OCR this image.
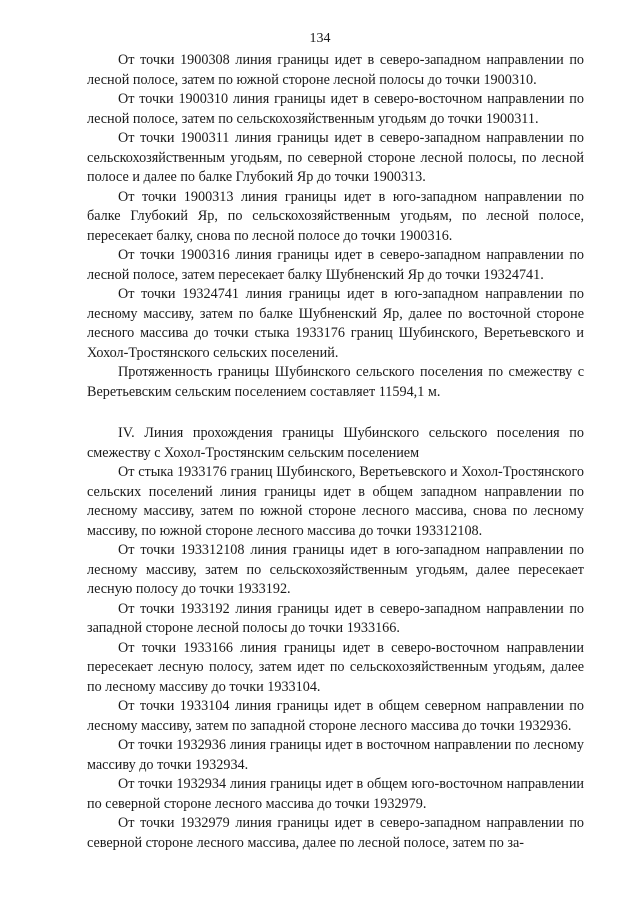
134

От точки 1900308 линия границы идет в северо-западном направлении по лесной полосе, затем по южной стороне лесной полосы до точки 1900310.

От точки 1900310 линия границы идет в северо-восточном направлении по лесной полосе, затем по сельскохозяйственным угодьям до точки 1900311.

От точки 1900311 линия границы идет в северо-западном направлении по сельскохозяйственным угодьям, по северной стороне лесной полосы, по лесной полосе и далее по балке Глубокий Яр до точки 1900313.

От точки 1900313 линия границы идет в юго-западном направлении по балке Глубокий Яр, по сельскохозяйственным угодьям, по лесной полосе, пересекает балку, снова по лесной полосе до точки 1900316.

От точки 1900316 линия границы идет в северо-западном направлении по лесной полосе, затем пересекает балку Шубненский Яр до точки 19324741.

От точки 19324741 линия границы идет в юго-западном направлении по лесному массиву, затем по балке Шубненский Яр, далее по восточной стороне лесного массива до точки стыка 1933176 границ Шубинского, Веретьевского и Хохол-Тростянского сельских поселений.

Протяженность границы Шубинского сельского поселения по смежеству с Веретьевским сельским поселением составляет 11594,1 м.

IV. Линия прохождения границы Шубинского сельского поселения по смежеству с Хохол-Тростянским сельским поселением

От стыка 1933176 границ Шубинского, Веретьевского и Хохол-Тростянского сельских поселений линия границы идет в общем западном направлении по лесному массиву, затем по южной стороне лесного массива, снова по лесному массиву, по южной стороне лесного массива до точки 193312108.

От точки 193312108 линия границы идет в юго-западном направлении по лесному массиву, затем по сельскохозяйственным угодьям, далее пересекает лесную полосу до точки 1933192.

От точки 1933192 линия границы идет в северо-западном направлении по западной стороне лесной полосы до точки 1933166.

От точки 1933166 линия границы идет в северо-восточном направлении пересекает лесную полосу, затем идет по сельскохозяйственным угодьям, далее по лесному массиву до точки 1933104.

От точки 1933104 линия границы идет в общем северном направлении по лесному массиву, затем по западной стороне лесного массива до точки 1932936.

От точки 1932936 линия границы идет в восточном направлении по лесному массиву до точки 1932934.

От точки 1932934 линия границы идет в общем юго-восточном направлении по северной стороне лесного массива до точки 1932979.

От точки 1932979 линия границы идет в северо-западном направлении по северной стороне лесного массива, далее по лесной полосе, затем по за-
